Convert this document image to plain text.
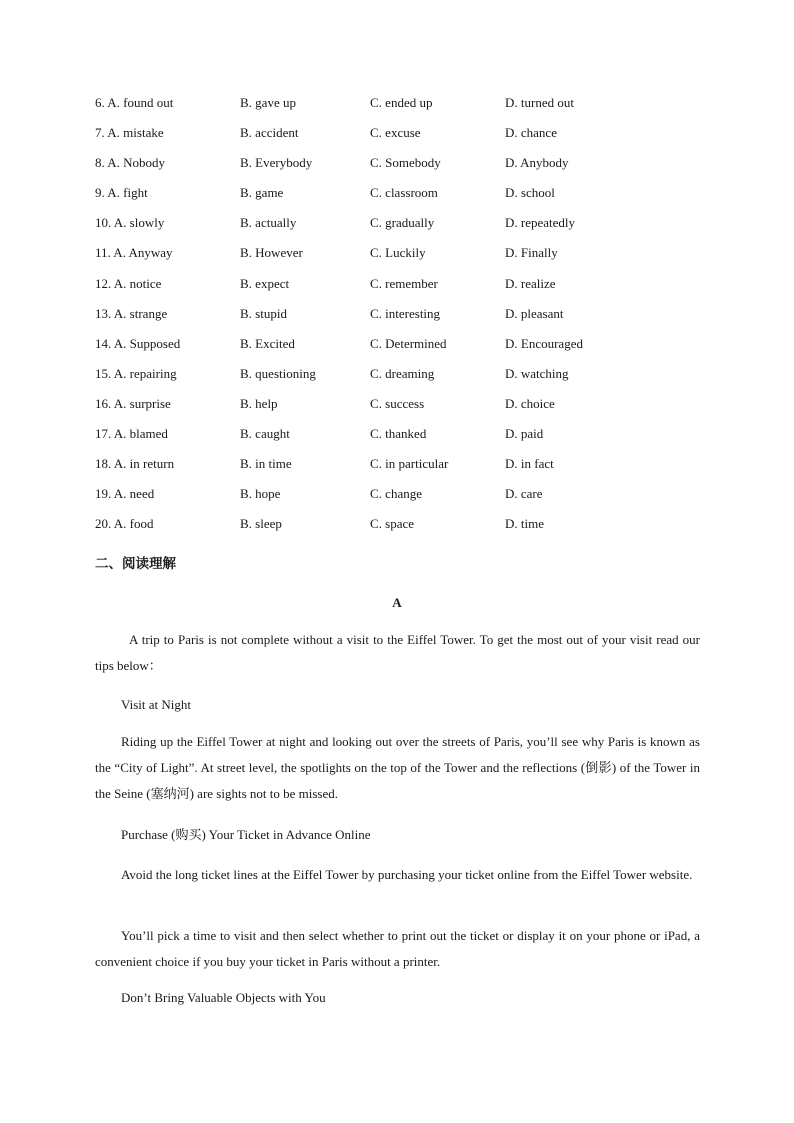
6. A. found out	B. gave up	C. ended up	D. turned out
7. A. mistake	B. accident	C. excuse	D. chance
8. A. Nobody	B. Everybody	C. Somebody	D. Anybody
9. A. fight	B. game	C. classroom	D. school
10. A. slowly	B. actually	C. gradually	D. repeatedly
11. A. Anyway	B. However	C. Luckily	D. Finally
12. A. notice	B. expect	C. remember	D. realize
13. A. strange	B. stupid	C. interesting	D. pleasant
14. A. Supposed	B. Excited	C. Determined	D. Encouraged
15. A. repairing	B. questioning	C. dreaming	D. watching
16. A. surprise	B. help	C. success	D. choice
17. A. blamed	B. caught	C. thanked	D. paid
18. A. in return	B. in time	C. in particular	D. in fact
19. A. need	B. hope	C. change	D. care
20. A. food	B. sleep	C. space	D. time
二、阅读理解
A

A trip to Paris is not complete without a visit to the Eiffel Tower. To get the most out of your visit read our tips below：

Visit at Night

Riding up the Eiffel Tower at night and looking out over the streets of Paris, you’ll see why Paris is known as the “City of Light”. At street level, the spotlights on the top of the Tower and the reflections (倒影) of the Tower in the Seine (塞纳河) are sights not to be missed.

Purchase (购买) Your Ticket in Advance Online

Avoid the long ticket lines at the Eiffel Tower by purchasing your ticket online from the Eiffel Tower website.

You’ll pick a time to visit and then select whether to print out the ticket or display it on your phone or iPad, a convenient choice if you buy your ticket in Paris without a printer.

Don’t Bring Valuable Objects with You
